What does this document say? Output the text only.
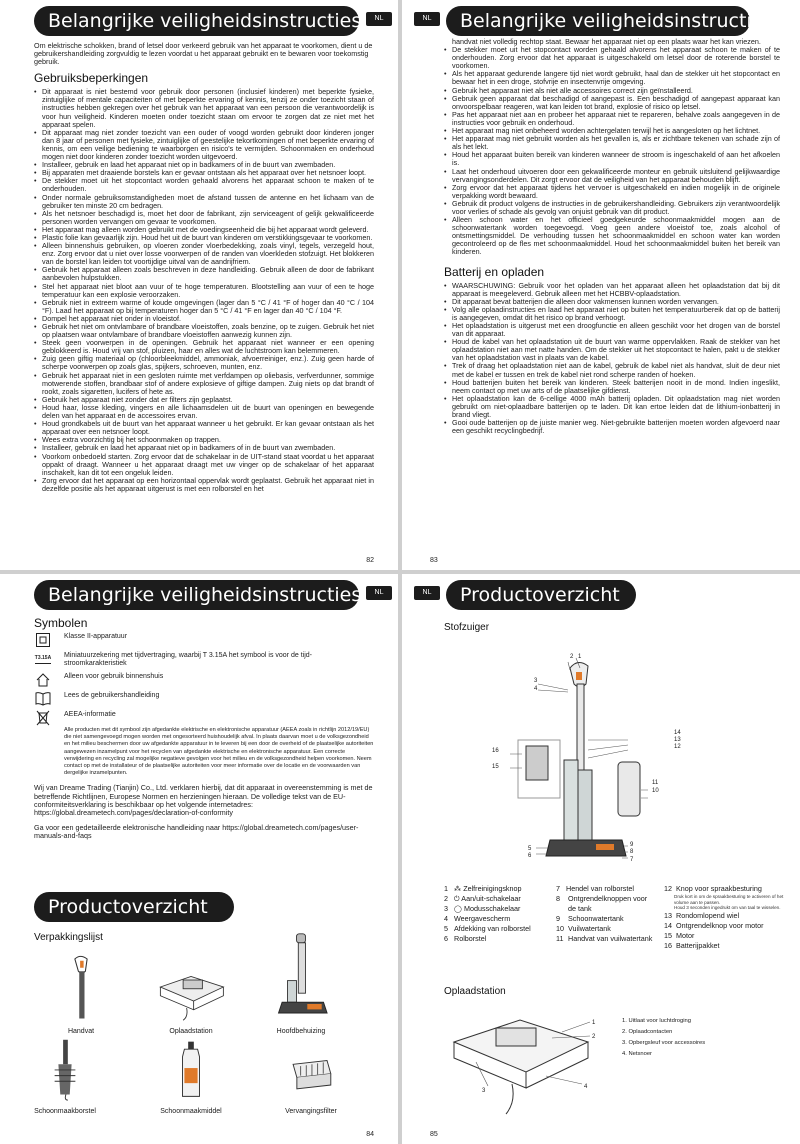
Belangrijke veiligheidsinstructies	NL

Om elektrische schokken, brand of letsel door verkeerd gebruik van het apparaat te voorkomen, dient u de gebruikershandleiding zorgvuldig te lezen voordat u het apparaat gebruikt en te bewaren voor toekomstig gebruik.

Gebruiksbeperkingen
• Dit apparaat is niet bestemd voor gebruik door personen (inclusief kinderen) met beperkte fysieke, zintuiglijke of mentale capaciteiten of met beperkte ervaring of kennis, tenzij ze onder toezicht staan of instructies hebben gekregen over het gebruik van het apparaat van een persoon die verantwoordelijk is voor hun veiligheid. Kinderen moeten onder toezicht staan om ervoor te zorgen dat ze niet met het apparaat spelen.
• Dit apparaat mag niet zonder toezicht van een ouder of voogd worden gebruikt door kinderen jonger dan 8 jaar of personen met fysieke, zintuiglijke of geestelijke tekortkomingen of met beperkte ervaring of kennis, om een veilige bediening te waarborgen en risico's te vermijden. Schoonmaken en onderhoud mogen niet door kinderen zonder toezicht worden uitgevoerd.
• Installeer, gebruik en laad het apparaat niet op in badkamers of in de buurt van zwembaden.
• Bij apparaten met draaiende borstels kan er gevaar ontstaan als het apparaat over het netsnoer loopt.
• De stekker moet uit het stopcontact worden gehaald alvorens het apparaat schoon te maken of te onderhouden.
• Onder normale gebruiksomstandigheden moet de afstand tussen de antenne en het lichaam van de gebruiker ten minste 20 cm bedragen.
• Als het netsnoer beschadigd is, moet het door de fabrikant, zijn serviceagent of gelijk gekwalificeerde personen worden vervangen om gevaar te voorkomen.
• Het apparaat mag alleen worden gebruikt met de voedingseenheid die bij het apparaat wordt geleverd.
• Plastic folie kan gevaarlijk zijn. Houd het uit de buurt van kinderen om verstikkingsgevaar te voorkomen.
• Alleen binnenshuis gebruiken, op vloeren zonder vloerbedekking, zoals vinyl, tegels, verzegeld hout, enz. Zorg ervoor dat u niet over losse voorwerpen of de randen van vloerkleden stofzuigt. Het blokkeren van de borstel kan leiden tot voortijdige uitval van de aandrijfriem.
• Gebruik het apparaat alleen zoals beschreven in deze handleiding. Gebruik alleen de door de fabrikant aanbevolen hulpstukken.
• Stel het apparaat niet bloot aan vuur of te hoge temperaturen. Blootstelling aan vuur of een te hoge temperatuur kan een explosie veroorzaken.
• Gebruik niet in extreem warme of koude omgevingen (lager dan 5 °C / 41 °F of hoger dan 40 °C / 104 °F). Laad het apparaat op bij temperaturen hoger dan 5 °C / 41 °F en lager dan 40 °C / 104 °F.
• Dompel het apparaat niet onder in vloeistof.
• Gebruik het niet om ontvlambare of brandbare vloeistoffen, zoals benzine, op te zuigen. Gebruik het niet op plaatsen waar ontvlambare of brandbare vloeistoffen aanwezig kunnen zijn.
• Steek geen voorwerpen in de openingen. Gebruik het apparaat niet wanneer er een opening geblokkeerd is. Houd vrij van stof, pluizen, haar en alles wat de luchtstroom kan belemmeren.
• Zuig geen giftig materiaal op (chloorbleekmiddel, ammoniak, afvoerreiniger, enz.). Zuig geen harde of scherpe voorwerpen op zoals glas, spijkers, schroeven, munten, enz.
• Gebruik het apparaat niet in een gesloten ruimte met verfdampen op oliebasis, verfverdunner, sommige motwerende stoffen, brandbaar stof of andere explosieve of giftige dampen. Zuig niets op dat brandt of rookt, zoals sigaretten, lucifers of hete as.
• Gebruik het apparaat niet zonder dat er filters zijn geplaatst.
• Houd haar, losse kleding, vingers en alle lichaamsdelen uit de buurt van openingen en bewegende delen van het apparaat en de accessoires ervan.
• Houd grondkabels uit de buurt van het apparaat wanneer u het gebruikt. Er kan gevaar ontstaan als het apparaat over een netsnoer loopt.
• Wees extra voorzichtig bij het schoonmaken op trappen.
• Installeer, gebruik en laad het apparaat niet op in badkamers of in de buurt van zwembaden.
• Voorkom onbedoeld starten. Zorg ervoor dat de schakelaar in de UIT-stand staat voordat u het apparaat oppakt of draagt. Wanneer u het apparaat draagt met uw vinger op de schakelaar of het apparaat inschakelt, kan dit tot een ongeluk leiden.
• Zorg ervoor dat het apparaat op een horizontaal oppervlak wordt geplaatst. Gebruik het apparaat niet in dezelfde positie als het apparaat uitgerust is met een rolborstel en het
82
NL	Belangrijke veiligheidsinstructies

handvat niet volledig rechtop staat. Bewaar het apparaat niet op een plaats waar het kan vriezen.

• De stekker moet uit het stopcontact worden gehaald alvorens het apparaat schoon te maken of te onderhouden. Zorg ervoor dat het apparaat is uitgeschakeld om letsel door de roterende borstel te voorkomen.
• Als het apparaat gedurende langere tijd niet wordt gebruikt, haal dan de stekker uit het stopcontact en bewaar het in een droge, stofvrije en insectenvrije omgeving.
• Gebruik het apparaat niet als niet alle accessoires correct zijn geïnstalleerd.
• Gebruik geen apparaat dat beschadigd of aangepast is. Een beschadigd of aangepast apparaat kan onvoorspelbaar reageren, wat kan leiden tot brand, explosie of risico op letsel.
• Pas het apparaat niet aan en probeer het apparaat niet te repareren, behalve zoals aangegeven in de instructies voor gebruik en onderhoud.
• Het apparaat mag niet onbeheerd worden achtergelaten terwijl het is aangesloten op het lichtnet.
• Het apparaat mag niet gebruikt worden als het gevallen is, als er zichtbare tekenen van schade zijn of als het lekt.
• Houd het apparaat buiten bereik van kinderen wanneer de stroom is ingeschakeld of aan het afkoelen is.
• Laat het onderhoud uitvoeren door een gekwalificeerde monteur en gebruik uitsluitend gelijkwaardige vervangingsonderdelen. Dit zorgt ervoor dat de veiligheid van het apparaat behouden blijft.
• Zorg ervoor dat het apparaat tijdens het vervoer is uitgeschakeld en indien mogelijk in de originele verpakking wordt bewaard.
• Gebruik dit product volgens de instructies in de gebruikershandleiding. Gebruikers zijn verantwoordelijk voor verlies of schade als gevolg van onjuist gebruik van dit product.
• Alleen schoon water en het officieel goedgekeurde schoonmaakmiddel mogen aan de schoonwatertank worden toegevoegd. Voeg geen andere vloeistof toe, zoals alcohol of ontsmettingsmiddel. De verhouding tussen het schoonmaakmiddel en schoon water kan worden gecontroleerd op de fles met schoonmaakmiddel. Houd het schoonmaakmiddel buiten het bereik van kinderen.
Batterij en opladen
• WAARSCHUWING: Gebruik voor het opladen van het apparaat alleen het oplaadstation dat bij dit apparaat is meegeleverd. Gebruik alleen met het HCBBV-oplaadstation.
• Dit apparaat bevat batterijen die alleen door vakmensen kunnen worden vervangen.
• Volg alle oplaadinstructies en laad het apparaat niet op buiten het temperatuurbereik dat op de batterij is aangegeven, omdat dit het risico op brand verhoogt.
• Het oplaadstation is uitgerust met een droogfunctie en alleen geschikt voor het drogen van de borstel van dit apparaat.
• Houd de kabel van het oplaadstation uit de buurt van warme oppervlakken. Raak de stekker van het oplaadstation niet aan met natte handen. Om de stekker uit het stopcontact te halen, pakt u de stekker van het oplaadstation vast in plaats van de kabel.
• Trek of draag het oplaadstation niet aan de kabel, gebruik de kabel niet als handvat, sluit de deur niet met de kabel er tussen en trek de kabel niet rond scherpe randen of hoeken.
• Houd batterijen buiten het bereik van kinderen. Steek batterijen nooit in de mond. Indien ingeslikt, neem contact op met uw arts of de plaatselijke gifdienst.
• Het oplaadstation kan de 6-cellige 4000 mAh batterij opladen. Dit oplaadstation mag niet worden gebruikt om niet-oplaadbare batterijen op te laden. Dit kan ertoe leiden dat de lithium-ionbatterij in brand vliegt.
• Gooi oude batterijen op de juiste manier weg. Niet-gebruikte batterijen moeten worden afgevoerd naar een geschikt recyclingbedrijf.
83
Belangrijke veiligheidsinstructies	NL
Symbolen
Klasse II-apparatuur
T3.15A Miniatuurzekering met tijdvertraging, waarbij T 3.15A het symbool is voor de tijd-stroomkarakteristiek
Alleen voor gebruik binnenshuis
Lees de gebruikershandleiding
AEEA-informatie

Alle producten met dit symbool zijn afgedankte elektrische en elektronische apparatuur (AEEA zoals in richtlijn 2012/19/EU) die niet samengevoegd mogen worden met ongesorteerd huishoudelijk afval. In plaats daarvan moet u de volksgezondheid en het milieu beschermen door uw afgedankte apparatuur in te leveren bij een door de overheid of de plaatselijke autoriteiten aangewezen inzamelpunt voor het recyclen van afgedankte elektrische en elektronische apparatuur. Een correcte verwijdering en recycling zal mogelijke negatieve gevolgen voor het milieu en de volksgezondheid helpen voorkomen. Neem contact op met de installateur of de plaatselijke autoriteiten voor meer informatie over de locatie en de voorwaarden van dergelijke inzamelpunten.

Wij van Dreame Trading (Tianjin) Co., Ltd. verklaren hierbij, dat dit apparaat in overeenstemming is met de betreffende Richtlijnen, Europese Normen en herzieningen hieraan. De volledige tekst van de EU-conformiteitsverklaring is beschikbaar op het volgende internetadres: https://global.dreametech.com/pages/declaration-of-conformity

Ga voor een gedetailleerde elektronische handleiding naar https://global.dreametech.com/pages/user-manuals-and-faqs

Productoverzicht
Verpakkingslijst
Handvat	Oplaadstation	Hoofdbehuizing
Schoonmaakborstel	Schoonmaakmiddel	Vervangingsfilter
84
NL	Productoverzicht
Stofzuiger
2 1
3
4
14
13
12
16
15
11
10
9
8
7
5
6
1 ⁂ Zelfreinigingsknop
2 ⏻ Aan/uit-schakelaar
3 ◯ Modusschakelaar
4 Weergavescherm
5 Afdekking van rolborstel
6 Rolborstel
7 Hendel van rolborstel
8	Ontgrendelknoppen voor de tank
9 Schoonwatertank
10 Vuilwatertank
11 Handvat van vuilwatertank
12 Knop voor spraakbesturing
Druk kort in om de spraakbesturing te activeren of het volume aan te passen.
Houd 3 seconden ingedrukt om van taal te wisselen.
13 Rondomlopend wiel
14 Ontgrendelknop voor motor
15 Motor
16 Batterijpakket
Oplaadstation
1
2
3
4
1. Uitlaat voor luchtdroging
2. Oplaadcontacten
3. Opbergsleuf voor accessoires
4. Netsnoer
85
